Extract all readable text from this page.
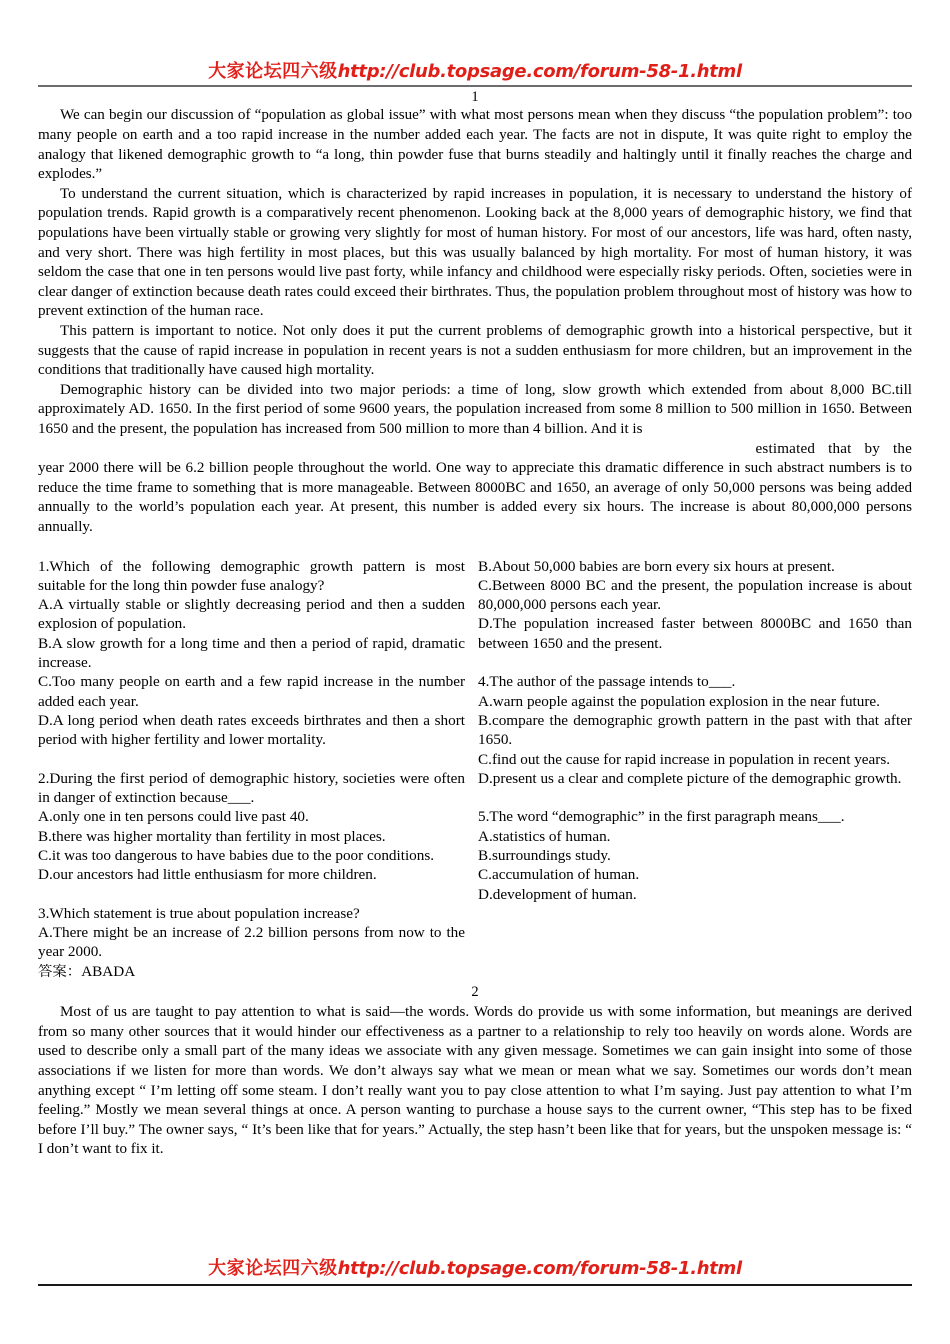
大家论坛四六级http://club.topsage.com/forum-58-1.html
1

We can begin our discussion of “population as global issue” with what most persons mean when they discuss “the population problem”: too many people on earth and a too rapid increase in the number added each year. The facts are not in dispute, It was quite right to employ the analogy that likened demographic growth to “a long, thin powder fuse that burns steadily and haltingly until it finally reaches the charge and explodes.”

To understand the current situation, which is characterized by rapid increases in population, it is necessary to understand the history of population trends. Rapid growth is a comparatively recent phenomenon. Looking back at the 8,000 years of demographic history, we find that populations have been virtually stable or growing very slightly for most of human history. For most of our ancestors, life was hard, often nasty, and very short. There was high fertility in most places, but this was usually balanced by high mortality. For most of human history, it was seldom the case that one in ten persons would live past forty, while infancy and childhood were especially risky periods. Often, societies were in clear danger of extinction because death rates could exceed their birthrates. Thus, the population problem throughout most of history was how to prevent extinction of the human race.

This pattern is important to notice. Not only does it put the current problems of demographic growth into a historical perspective, but it suggests that the cause of rapid increase in population in recent years is not a sudden enthusiasm for more children, but an improvement in the conditions that traditionally have caused high mortality.

Demographic history can be divided into two major periods: a time of long, slow growth which extended from about 8,000 BC.till approximately AD. 1650. In the first period of some 9600 years, the population increased from some 8 million to 500 million in 1650. Between 1650 and the present, the population has increased from 500 million to more than 4 billion. And it is

estimated that by the

year 2000 there will be 6.2 billion people throughout the world. One way to appreciate this dramatic difference in such abstract numbers is to reduce the time frame to something that is more manageable. Between 8000BC and 1650, an average of only 50,000 persons was being added annually to the world’s population each year. At present, this number is added every six hours. The increase is about 80,000,000 persons annually.

1.Which of the following demographic growth pattern is most suitable for the long thin powder fuse analogy?

A.A virtually stable or slightly decreasing period and then a sudden explosion of population.

B.A slow growth for a long time and then a period of rapid, dramatic increase.

C.Too many people on earth and a few rapid increase in the number added each year.

D.A long period when death rates exceeds birthrates and then a short period with higher fertility and lower mortality.

2.During the first period of demographic history, societies were often in danger of extinction because___.

A.only one in ten persons could live past 40.

B.there was higher mortality than fertility in most places.

C.it was too dangerous to have babies due to the poor conditions.

D.our ancestors had little enthusiasm for more children.

3.Which statement is true about population increase?

A.There might be an increase of 2.2 billion persons from now to the year 2000.

答案：ABADA

B.About 50,000 babies are born every six hours at present.

C.Between 8000 BC and the present, the population increase is about 80,000,000 persons each year.

D.The population increased faster between 8000BC and 1650 than between 1650 and the present.

4.The author of the passage intends to___.

A.warn people against the population explosion in the near future.

B.compare the demographic growth pattern in the past with that after 1650.

C.find out the cause for rapid increase in population in recent years.

D.present us a clear and complete picture of the demographic growth.

5.The word “demographic” in the first paragraph means___.

A.statistics of human.

B.surroundings study.

C.accumulation of human.

D.development of human.

2

Most of us are taught to pay attention to what is said—the words. Words do provide us with some information, but meanings are derived from so many other sources that it would hinder our effectiveness as a partner to a relationship to rely too heavily on words alone. Words are used to describe only a small part of the many ideas we associate with any given message. Sometimes we can gain insight into some of those associations if we listen for more than words. We don’t always say what we mean or mean what we say. Sometimes our words don’t mean anything except “ I’m letting off some steam. I don’t really want you to pay close attention to what I’m saying. Just pay attention to what I’m feeling.” Mostly we mean several things at once. A person wanting to purchase a house says to the current owner, “This step has to be fixed before I’ll buy.” The owner says, “ It’s been like that for years.” Actually, the step hasn’t been like that for years, but the unspoken message is: “ I don’t want to fix it.

大家论坛四六级http://club.topsage.com/forum-58-1.html
